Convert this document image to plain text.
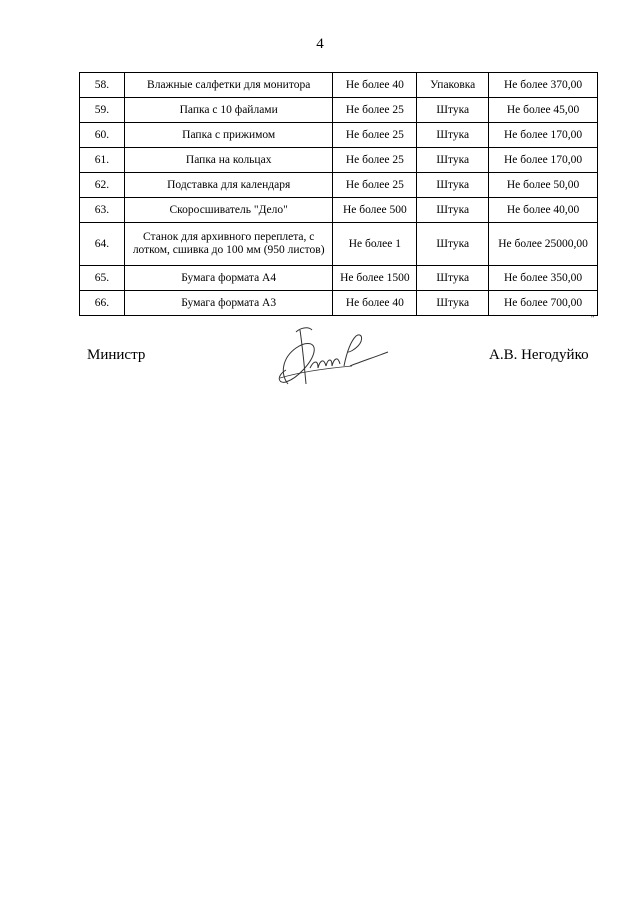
4
58.	Влажные салфетки для монитора	Не более 40	Упаковка	Не более 370,00
59.	Папка с 10 файлами	Не более 25	Штука	Не более 45,00
60.	Папка с прижимом	Не более 25	Штука	Не более 170,00
61.	Папка на кольцах	Не более 25	Штука	Не более 170,00
62.	Подставка для календаря	Не более 25	Штука	Не более 50,00
63.	Скоросшиватель "Дело"	Не более 500	Штука	Не более 40,00
64.	Станок для архивного переплета, с лотком, сшивка до 100 мм (950 листов)	Не более 1	Штука	Не более 25000,00
65.	Бумага формата А4	Не более 1500	Штука	Не более 350,00
66.	Бумага формата А3	Не более 40	Штука	Не более 700,00
"
Министр	А.В. Негодуйко
